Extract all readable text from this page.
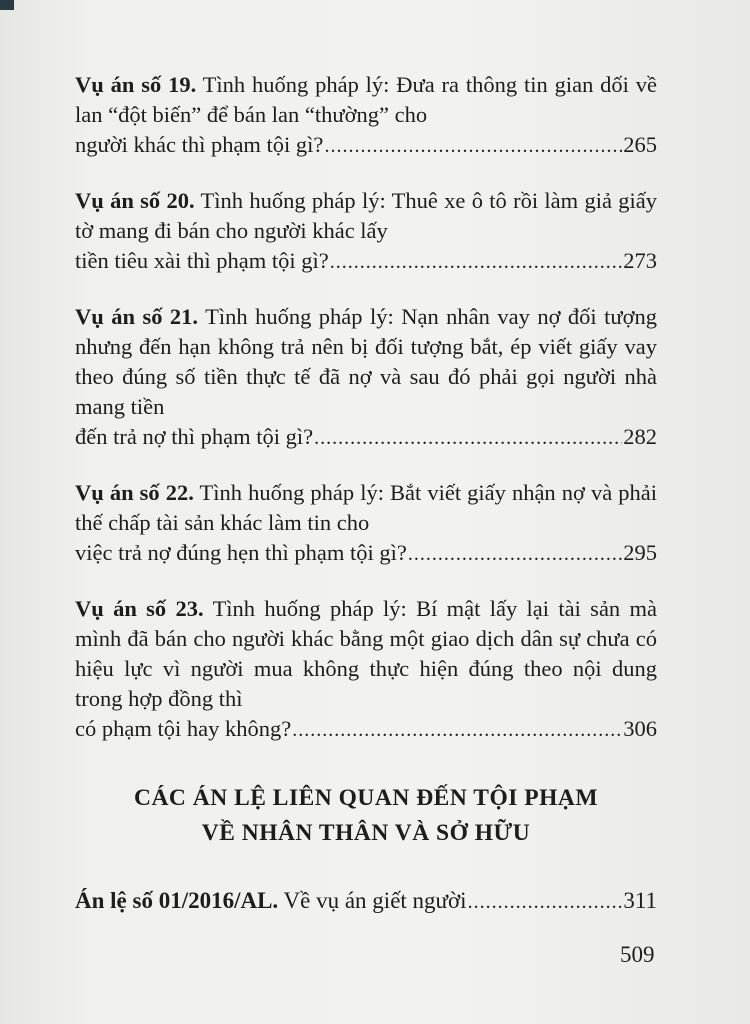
Vụ án số 19. Tình huống pháp lý: Đưa ra thông tin gian dối về lan “đột biến” để bán lan “thường” cho

người khác thì phạm tội gì? .....	265

Vụ án số 20. Tình huống pháp lý: Thuê xe ô tô rồi làm giả giấy tờ mang đi bán cho người khác lấy

tiền tiêu xài thì phạm tội gì? .....	273

Vụ án số 21. Tình huống pháp lý: Nạn nhân vay nợ đối tượng nhưng đến hạn không trả nên bị đối tượng bắt, ép viết giấy vay theo đúng số tiền thực tế đã nợ và sau đó phải gọi người nhà mang tiền

đến trả nợ thì phạm tội gì? .....	282

Vụ án số 22. Tình huống pháp lý: Bắt viết giấy nhận nợ và phải thế chấp tài sản khác làm tin cho

việc trả nợ đúng hẹn thì phạm tội gì? .....	295

Vụ án số 23. Tình huống pháp lý: Bí mật lấy lại tài sản mà mình đã bán cho người khác bằng một giao dịch dân sự chưa có hiệu lực vì người mua không thực hiện đúng theo nội dung trong hợp đồng thì

có phạm tội hay không? .....	306
CÁC ÁN LỆ LIÊN QUAN ĐẾN TỘI PHẠM
VỀ NHÂN THÂN VÀ SỞ HỮU
Án lệ số 01/2016/AL. Về vụ án giết người .....	311
509
